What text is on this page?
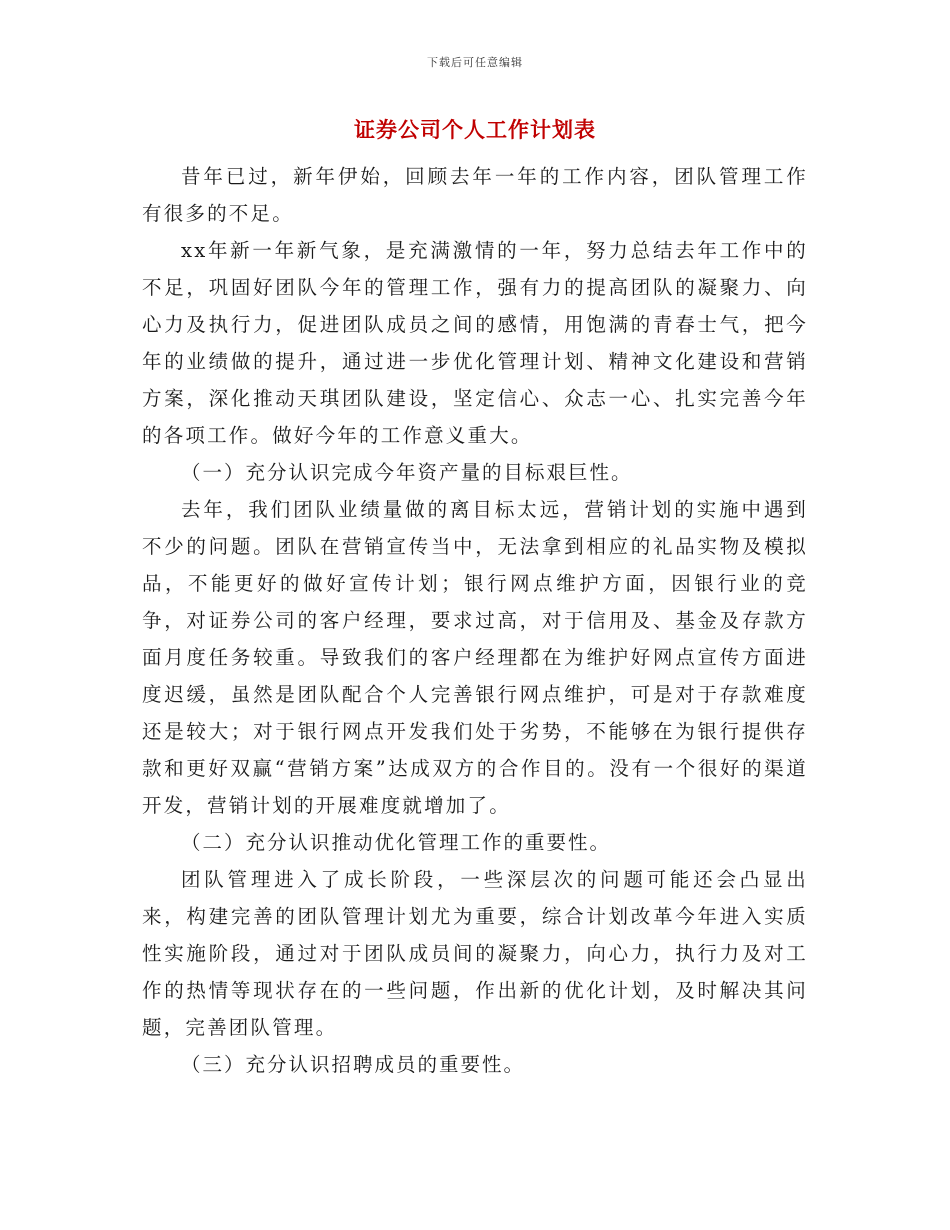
下载后可任意编辑
证券公司个人工作计划表

昔年已过，新年伊始，回顾去年一年的工作内容，团队管理工作有很多的不足。

xx年新一年新气象，是充满激情的一年，努力总结去年工作中的不足，巩固好团队今年的管理工作，强有力的提高团队的凝聚力、向心力及执行力，促进团队成员之间的感情，用饱满的青春士气，把今年的业绩做的提升，通过进一步优化管理计划、精神文化建设和营销方案，深化推动天琪团队建设，坚定信心、众志一心、扎实完善今年的各项工作。做好今年的工作意义重大。

（一）充分认识完成今年资产量的目标艰巨性。

去年，我们团队业绩量做的离目标太远，营销计划的实施中遇到不少的问题。团队在营销宣传当中，无法拿到相应的礼品实物及模拟品，不能更好的做好宣传计划；银行网点维护方面，因银行业的竞争，对证券公司的客户经理，要求过高，对于信用及、基金及存款方面月度任务较重。导致我们的客户经理都在为维护好网点宣传方面进度迟缓，虽然是团队配合个人完善银行网点维护，可是对于存款难度还是较大；对于银行网点开发我们处于劣势，不能够在为银行提供存款和更好双赢“营销方案”达成双方的合作目的。没有一个很好的渠道开发，营销计划的开展难度就增加了。

（二）充分认识推动优化管理工作的重要性。

团队管理进入了成长阶段，一些深层次的问题可能还会凸显出来，构建完善的团队管理计划尤为重要，综合计划改革今年进入实质性实施阶段，通过对于团队成员间的凝聚力，向心力，执行力及对工作的热情等现状存在的一些问题，作出新的优化计划，及时解决其问题，完善团队管理。

（三）充分认识招聘成员的重要性。
